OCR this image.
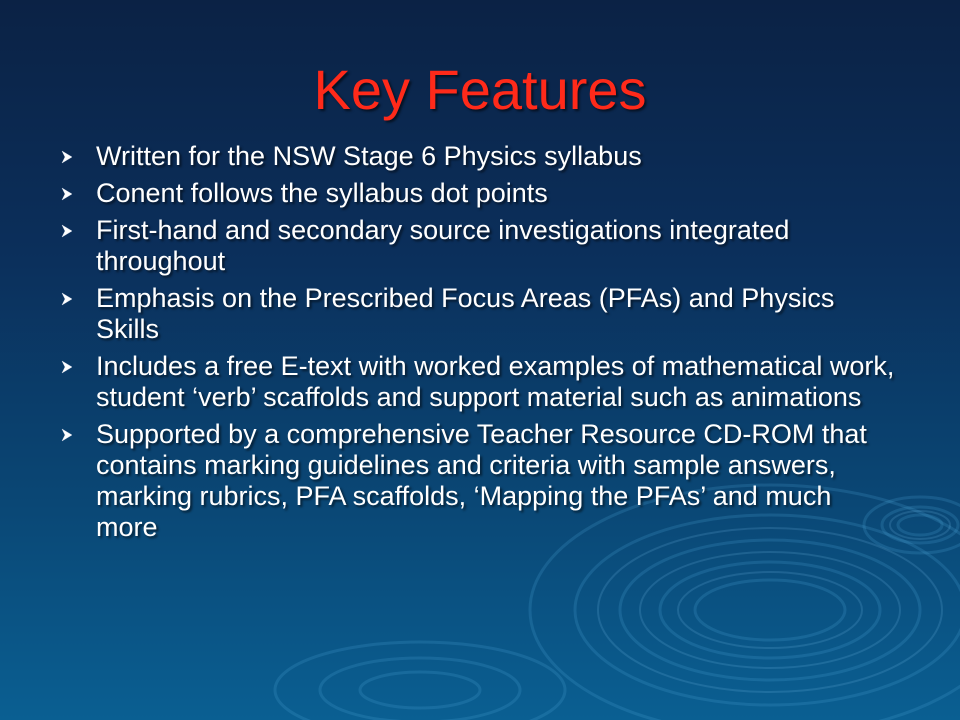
Key Features
Written for the NSW Stage 6 Physics syllabus
Conent follows the syllabus dot points
First-hand and secondary source investigations integrated throughout
Emphasis on the Prescribed Focus Areas (PFAs) and Physics Skills
Includes a free E-text with worked examples of mathematical work, student ‘verb’ scaffolds and support material such as animations
Supported by a comprehensive Teacher Resource CD-ROM that contains marking guidelines and criteria with sample answers, marking rubrics, PFA scaffolds, ‘Mapping the PFAs’ and much more
